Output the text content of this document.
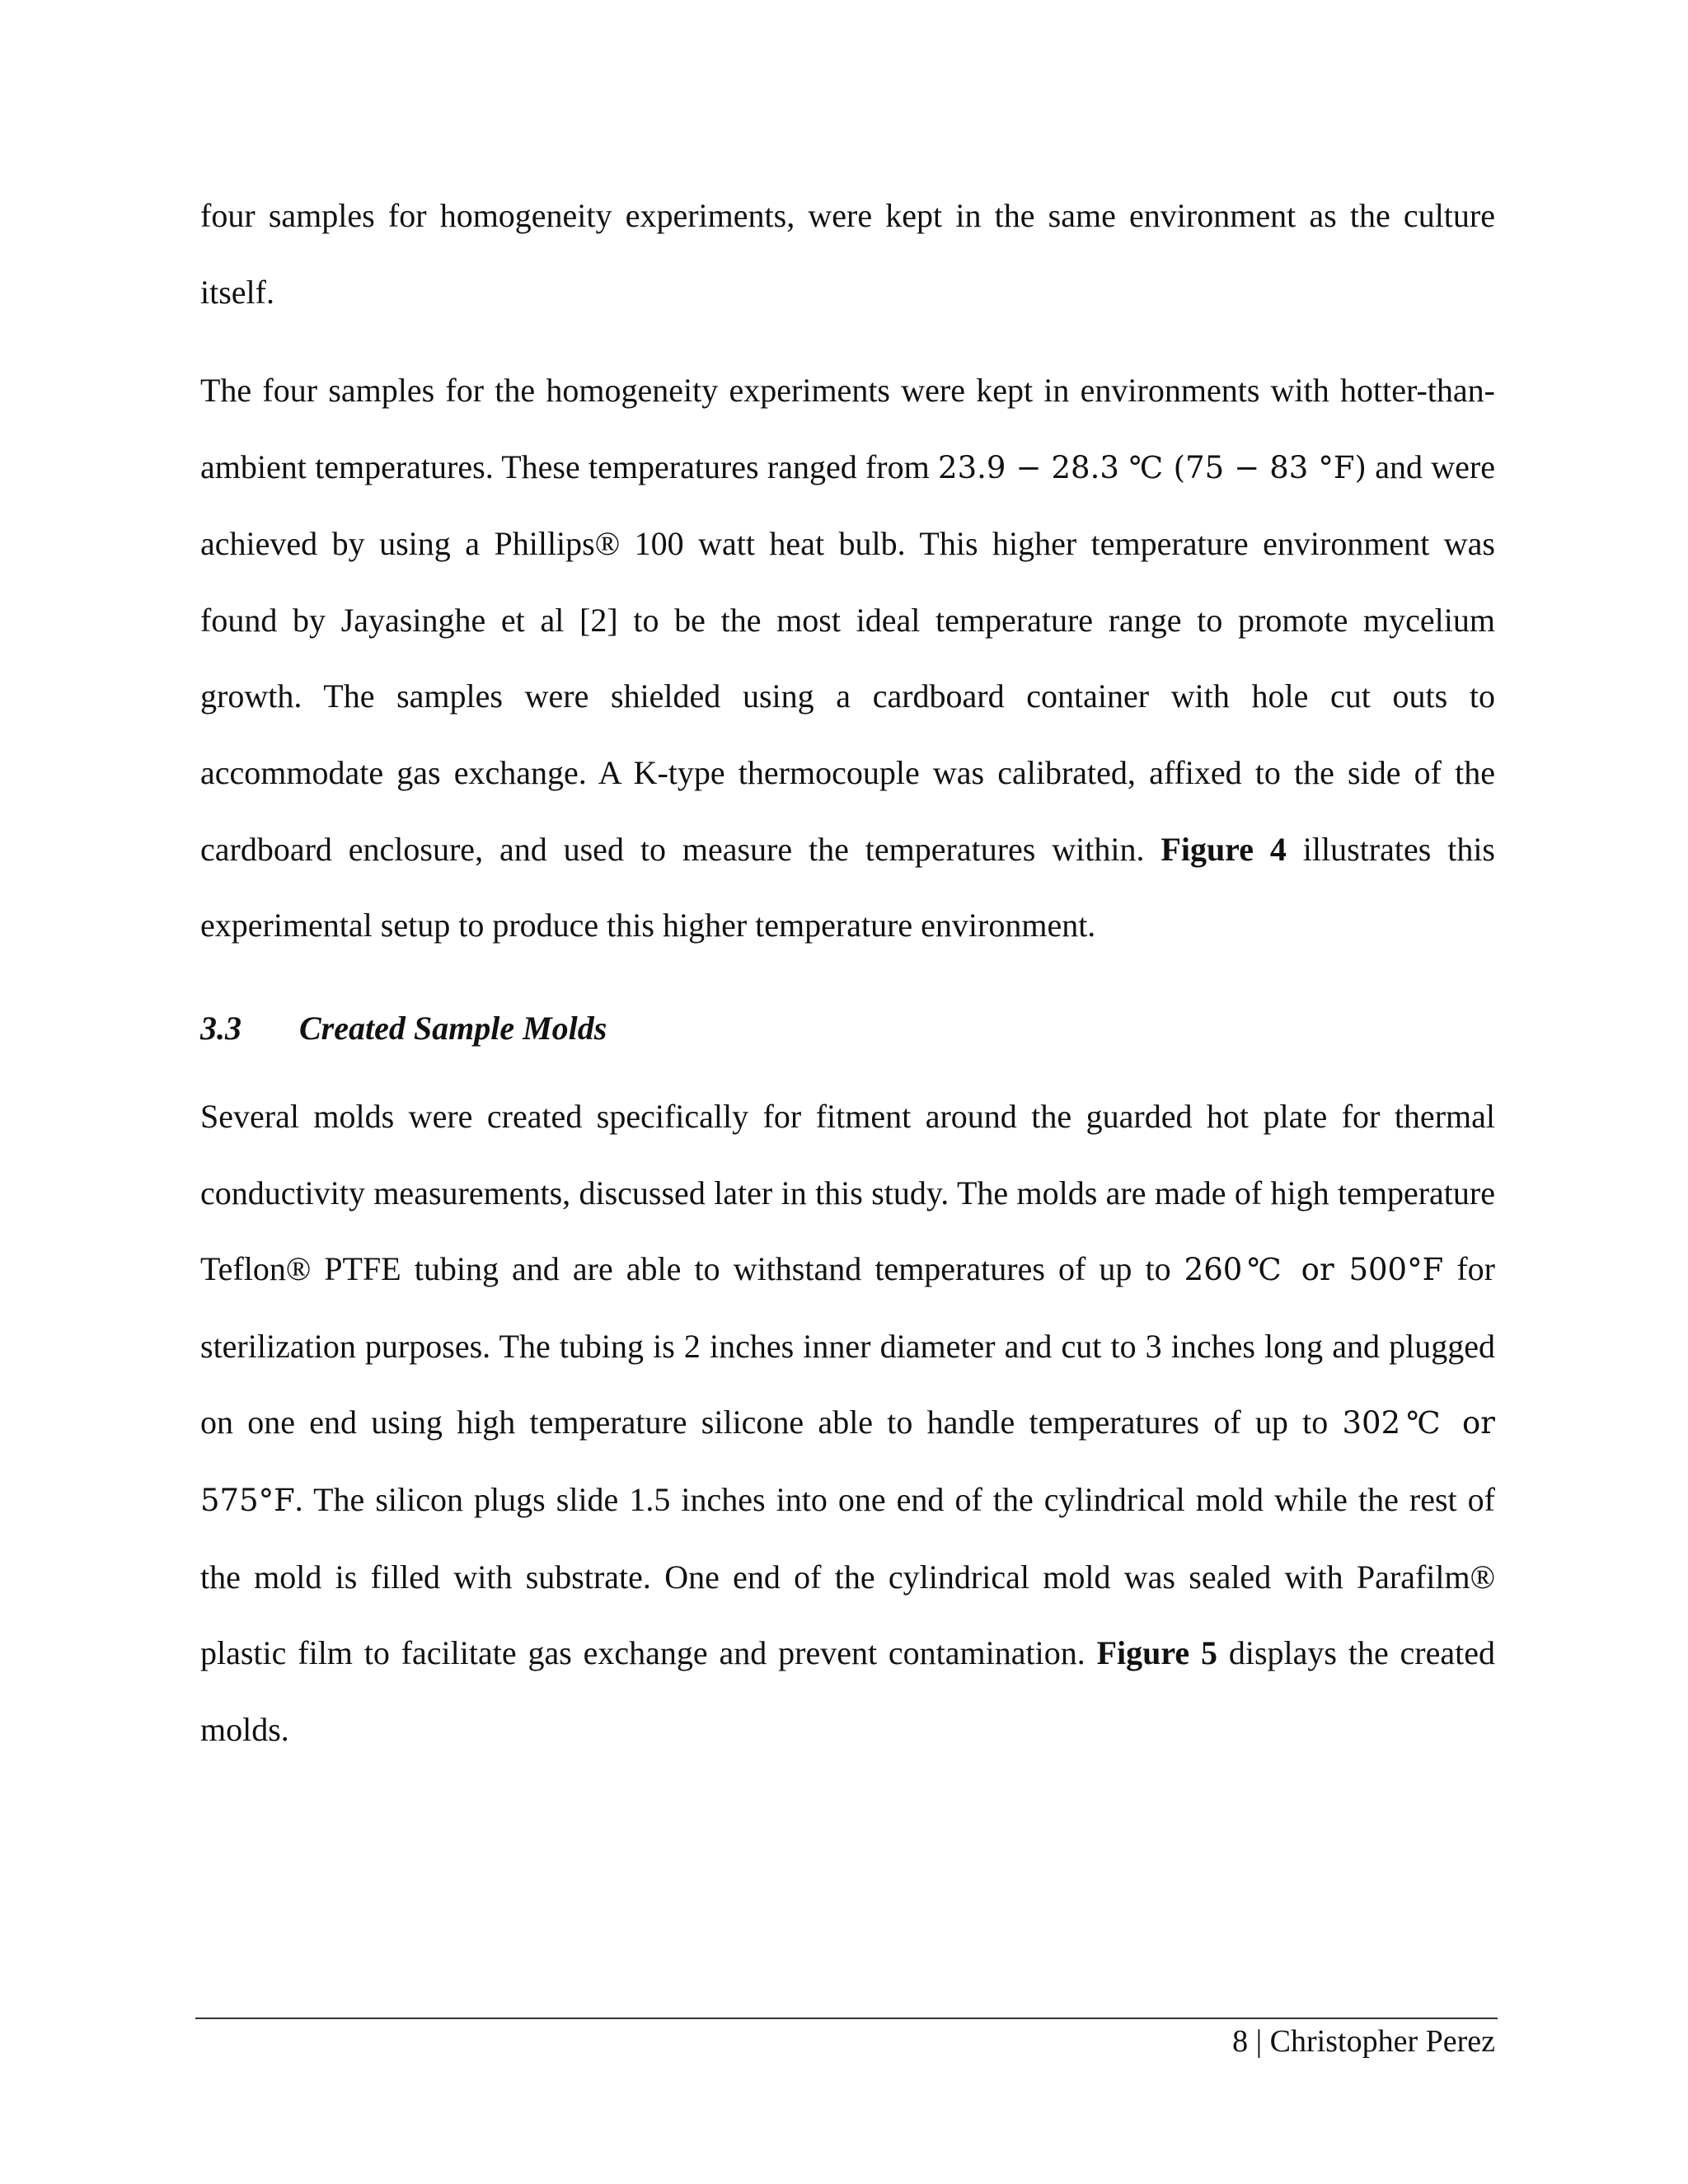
four samples for homogeneity experiments, were kept in the same environment as the culture itself.

The four samples for the homogeneity experiments were kept in environments with hotter-than-ambient temperatures. These temperatures ranged from 23.9 − 28.3 ℃ (75 − 83 °F) and were achieved by using a Phillips® 100 watt heat bulb. This higher temperature environment was found by Jayasinghe et al [2] to be the most ideal temperature range to promote mycelium growth. The samples were shielded using a cardboard container with hole cut outs to accommodate gas exchange. A K-type thermocouple was calibrated, affixed to the side of the cardboard enclosure, and used to measure the temperatures within. Figure 4 illustrates this experimental setup to produce this higher temperature environment.

3.3 Created Sample Molds

Several molds were created specifically for fitment around the guarded hot plate for thermal conductivity measurements, discussed later in this study. The molds are made of high temperature Teflon® PTFE tubing and are able to withstand temperatures of up to 260℃ or 500°F for sterilization purposes. The tubing is 2 inches inner diameter and cut to 3 inches long and plugged on one end using high temperature silicone able to handle temperatures of up to 302℃ or 575°F. The silicon plugs slide 1.5 inches into one end of the cylindrical mold while the rest of the mold is filled with substrate. One end of the cylindrical mold was sealed with Parafilm® plastic film to facilitate gas exchange and prevent contamination. Figure 5 displays the created molds.

8 | Christopher Perez
